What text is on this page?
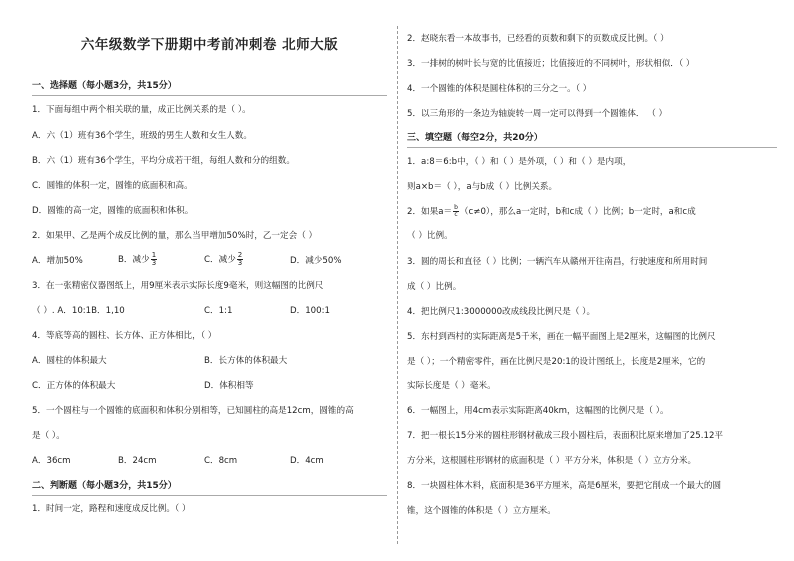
六年级数学下册期中考前冲刺卷 北师大版
一、选择题（每小题3分，共15分）
1．下面每组中两个相关联的量，成正比例关系的是（ ）。
A．六（1）班有36个学生，班级的男生人数和女生人数。
B．六（1）班有36个学生，平均分成若干组，每组人数和分的组数。
C．圆锥的体积一定，圆锥的底面积和高。
D．圆锥的高一定，圆锥的底面积和体积。
2．如果甲、乙是两个成反比例的量，那么当甲增加50%时，乙一定会（ ）
A．增加50%	B．减少 $\frac{1}{3}$	C．减少 $\frac{2}{3}$	D．减少50%
3．在一张精密仪器图纸上，用9厘米表示实际长度9毫米，则这幅图的比例尺
（ ）. A．10:1B．1,10	C．1:1	D．100:1
4．等底等高的圆柱、长方体、正方体相比，（ ）
A．圆柱的体积最大	B．长方体的体积最大
C．正方体的体积最大	D．体积相等
5．一个圆柱与一个圆锥的底面积和体积分别相等，已知圆柱的高是12cm，圆锥的高
是（ ）。
A．36cm	B．24cm	C．8cm	D．4cm
二、判断题（每小题3分，共15分）
1．时间一定，路程和速度成反比例。（ ）
2．赵晓东看一本故事书，已经看的页数和剩下的页数成反比例。（ ）
3．一排树的树叶长与宽的比值接近；比值接近的不同树叶，形状相似．（ ）
4．一个圆锥的体积是圆柱体积的三分之一。（ ）
5．以三角形的一条边为轴旋转一周一定可以得到一个圆锥体． （ ）
三、填空题（每空2分，共20分）
1．a:8＝6:b中，（ ）和（ ）是外项，（ ）和（ ）是内项，
则a×b＝（ ），a与b成（ ）比例关系。
2．如果$a= \frac{b}{c} (c\ne 0)$，那么a一定时，b和c成（ ）比例；b一定时，a和c成
（ ）比例。
3．圆的周长和直径（ ）比例；一辆汽车从赣州开往南昌，行驶速度和所用时间
成（ ）比例。
4．把比例尺1:3000000改成线段比例尺是（ ）。
5．东村到西村的实际距离是5千米，画在一幅平面图上是2厘米，这幅图的比例尺
是（ ）；一个精密零件，画在比例尺是20:1的设计图纸上，长度是2厘米，它的
实际长度是（ ）毫米。
6．一幅图上，用4cm表示实际距离40km，这幅图的比例尺是（ ）。
7．把一根长15分米的圆柱形钢材截成三段小圆柱后，表面积比原来增加了25.12平
方分米，这根圆柱形钢材的底面积是（ ）平方分米，体积是（ ）立方分米。
8．一块圆柱体木料，底面积是36平方厘米，高是6厘米，要把它削成一个最大的圆
锥，这个圆锥的体积是（ ）立方厘米。
